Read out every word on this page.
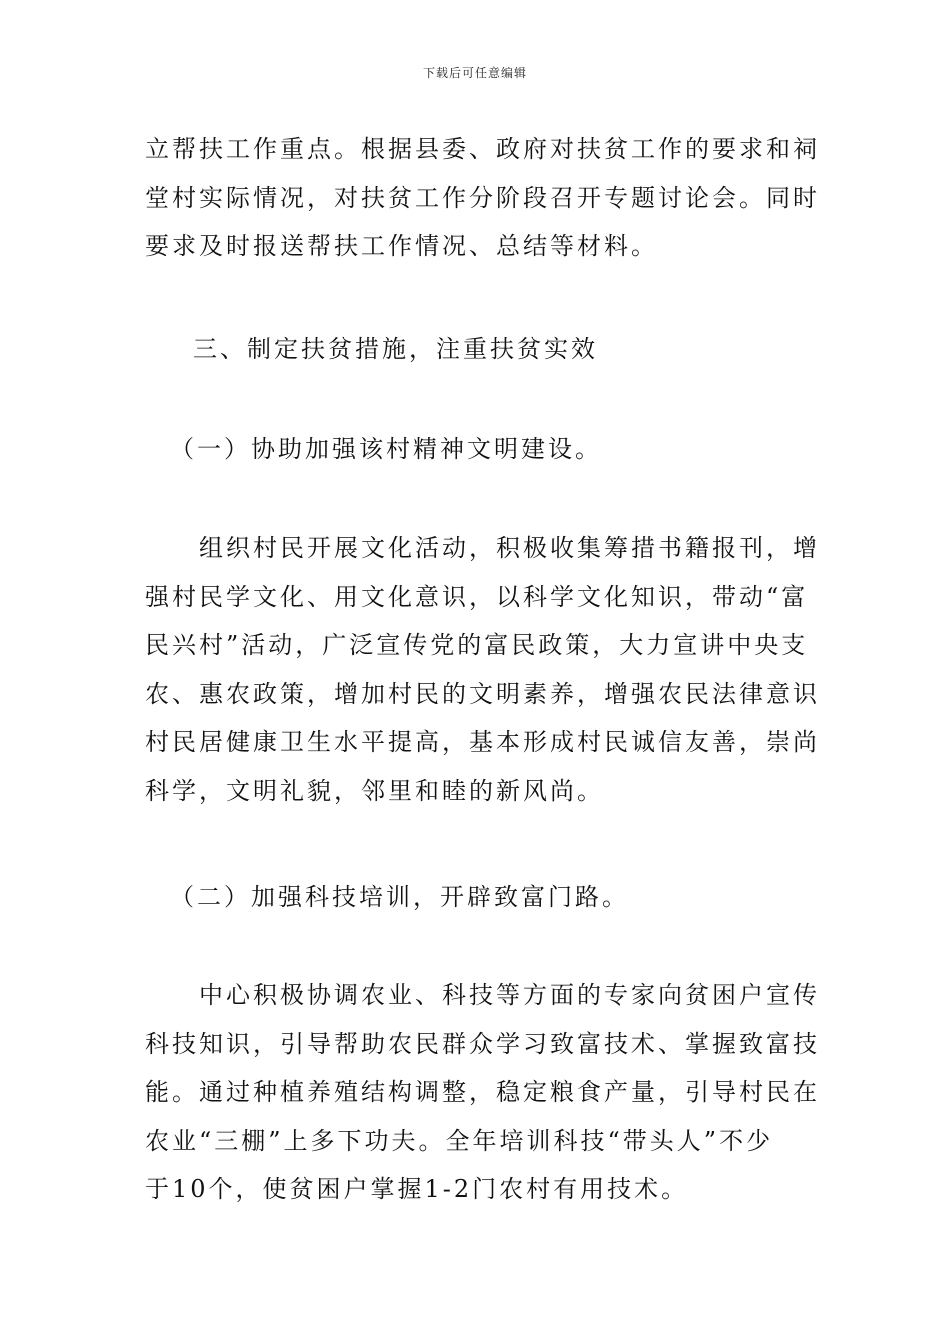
下载后可任意编辑

立帮扶工作重点。根据县委、政府对扶贫工作的要求和祠
堂村实际情况，对扶贫工作分阶段召开专题讨论会。同时
要求及时报送帮扶工作情况、总结等材料。

三、制定扶贫措施，注重扶贫实效

（一）协助加强该村精神文明建设。

组织村民开展文化活动，积极收集筹措书籍报刊，增
强村民学文化、用文化意识，以科学文化知识，带动“富
民兴村”活动，广泛宣传党的富民政策，大力宣讲中央支
农、惠农政策，增加村民的文明素养，增强农民法律意识
村民居健康卫生水平提高，基本形成村民诚信友善，崇尚
科学，文明礼貌，邻里和睦的新风尚。

（二）加强科技培训，开辟致富门路。

中心积极协调农业、科技等方面的专家向贫困户宣传
科技知识，引导帮助农民群众学习致富技术、掌握致富技
能。通过种植养殖结构调整，稳定粮食产量，引导村民在
农业“三棚”上多下功夫。全年培训科技“带头人”不少
于10个，使贫困户掌握1-2门农村有用技术。
